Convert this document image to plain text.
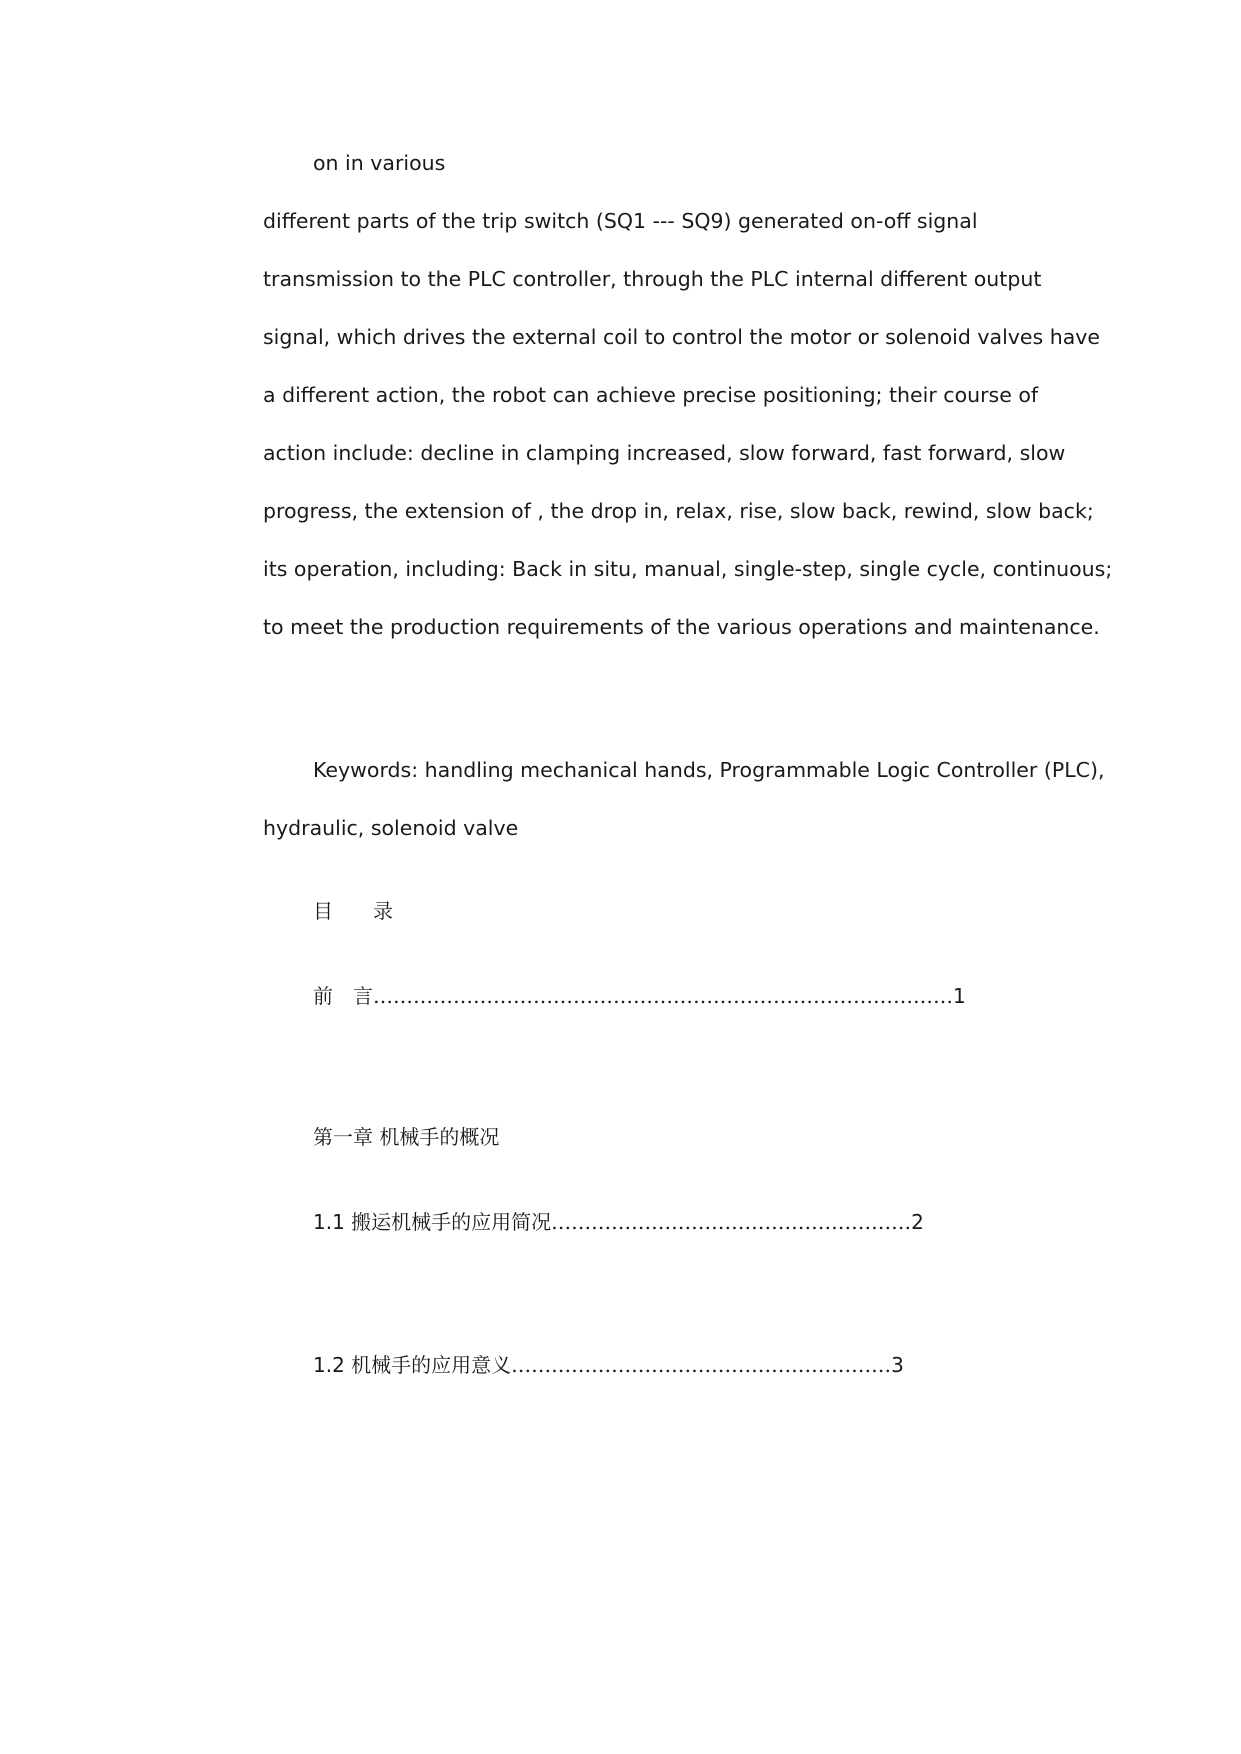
on in various
different parts of the trip switch (SQ1 --- SQ9) generated on-off signal
transmission to the PLC controller, through the PLC internal different output
signal, which drives the external coil to control the motor or solenoid valves have
a different action, the robot can achieve precise positioning; their course of
action include: decline in clamping increased, slow forward, fast forward, slow
progress, the extension of , the drop in, relax, rise, slow back, rewind, slow back;
its operation, including: Back in situ, manual, single-step, single cycle, continuous;
to meet the production requirements of the various operations and maintenance.
Keywords: handling mechanical hands, Programmable Logic Controller (PLC),
hydraulic, solenoid valve
目　　录
前　言……………………………………………………………………………1
第一章 机械手的概况
1.1 搬运机械手的应用简况………………………………………………2
1.2 机械手的应用意义…………………………………………………3
